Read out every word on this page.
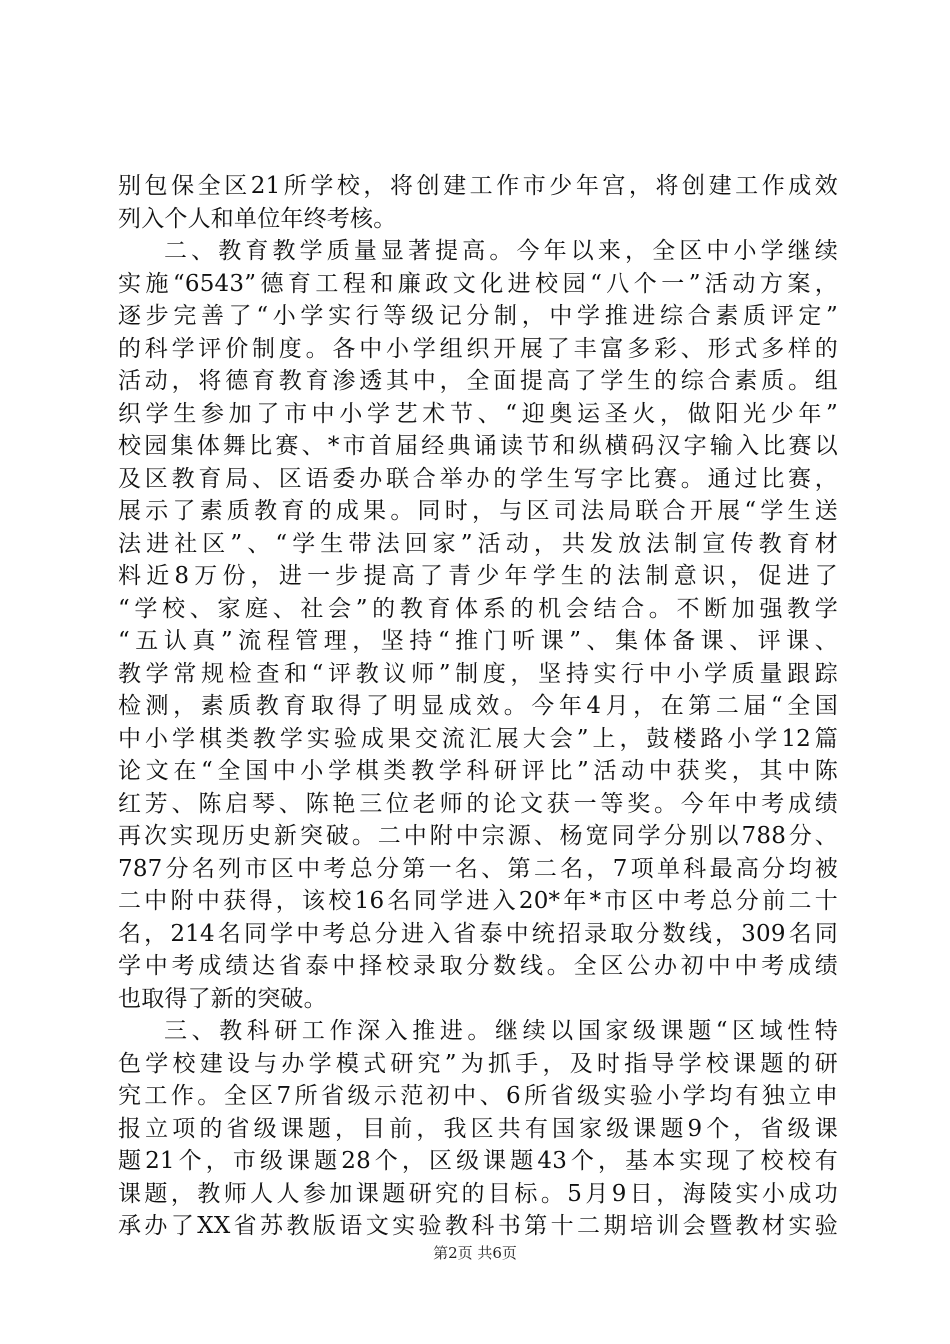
别包保全区21所学校，将创建工作市少年宫，将创建工作成效
列入个人和单位年终考核。
二、教育教学质量显著提高。今年以来，全区中小学继续
实施“6543”德育工程和廉政文化进校园“八个一”活动方案，
逐步完善了“小学实行等级记分制，中学推进综合素质评定”
的科学评价制度。各中小学组织开展了丰富多彩、形式多样的
活动，将德育教育渗透其中，全面提高了学生的综合素质。组
织学生参加了市中小学艺术节、“迎奥运圣火，做阳光少年”
校园集体舞比赛、*市首届经典诵读节和纵横码汉字输入比赛以
及区教育局、区语委办联合举办的学生写字比赛。通过比赛，
展示了素质教育的成果。同时，与区司法局联合开展“学生送
法进社区”、“学生带法回家”活动，共发放法制宣传教育材
料近8万份，进一步提高了青少年学生的法制意识，促进了
“学校、家庭、社会”的教育体系的机会结合。不断加强教学
“五认真”流程管理，坚持“推门听课”、集体备课、评课、
教学常规检查和“评教议师”制度，坚持实行中小学质量跟踪
检测，素质教育取得了明显成效。今年4月，在第二届“全国
中小学棋类教学实验成果交流汇展大会”上，鼓楼路小学12篇
论文在“全国中小学棋类教学科研评比”活动中获奖，其中陈
红芳、陈启琴、陈艳三位老师的论文获一等奖。今年中考成绩
再次实现历史新突破。二中附中宗源、杨宽同学分别以788分、
787分名列市区中考总分第一名、第二名，7项单科最高分均被
二中附中获得，该校16名同学进入20*年*市区中考总分前二十
名，214名同学中考总分进入省泰中统招录取分数线，309名同
学中考成绩达省泰中择校录取分数线。全区公办初中中考成绩
也取得了新的突破。
三、教科研工作深入推进。继续以国家级课题“区域性特
色学校建设与办学模式研究”为抓手，及时指导学校课题的研
究工作。全区7所省级示范初中、6所省级实验小学均有独立申
报立项的省级课题，目前，我区共有国家级课题9个，省级课
题21个，市级课题28个，区级课题43个，基本实现了校校有
课题，教师人人参加课题研究的目标。5月9日，海陵实小成功
承办了XX省苏教版语文实验教科书第十二期培训会暨教材实验
第2页 共6页
